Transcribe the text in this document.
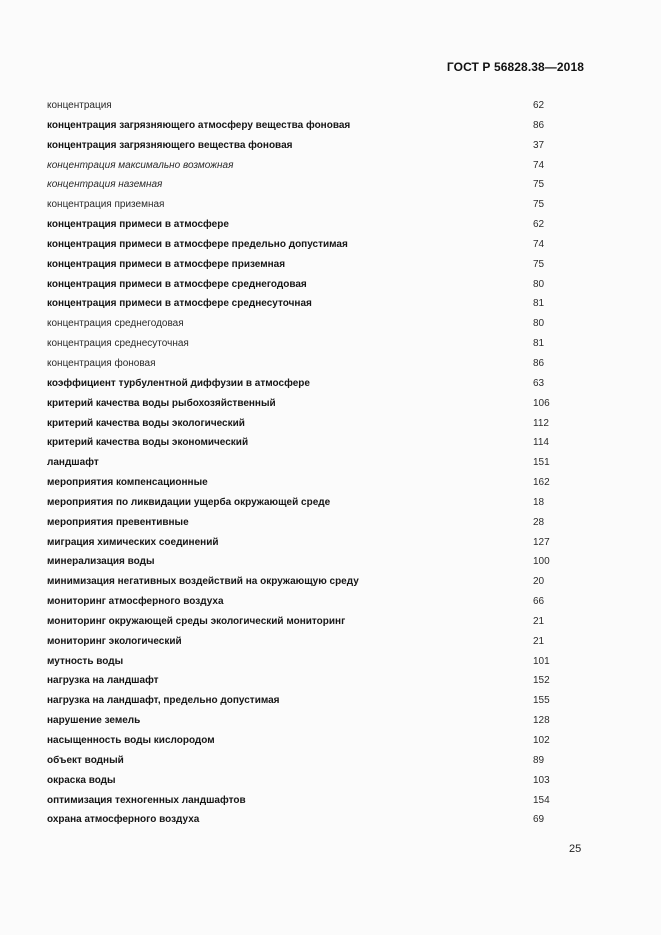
ГОСТ Р 56828.38—2018
концентрация	62
концентрация загрязняющего атмосферу вещества фоновая	86
концентрация загрязняющего вещества фоновая	37
концентрация максимально возможная	74
концентрация наземная	75
концентрация приземная	75
концентрация примеси в атмосфере	62
концентрация примеси в атмосфере предельно допустимая	74
концентрация примеси в атмосфере приземная	75
концентрация примеси в атмосфере среднегодовая	80
концентрация примеси в атмосфере среднесуточная	81
концентрация среднегодовая	80
концентрация среднесуточная	81
концентрация фоновая	86
коэффициент турбулентной диффузии в атмосфере	63
критерий качества воды рыбохозяйственный	106
критерий качества воды экологический	112
критерий качества воды экономический	114
ландшафт	151
мероприятия компенсационные	162
мероприятия по ликвидации ущерба окружающей среде	18
мероприятия превентивные	28
миграция химических соединений	127
минерализация воды	100
минимизация негативных воздействий на окружающую среду	20
мониторинг атмосферного воздуха	66
мониторинг окружающей среды экологический мониторинг	21
мониторинг экологический	21
мутность воды	101
нагрузка на ландшафт	152
нагрузка на ландшафт, предельно допустимая	155
нарушение земель	128
насыщенность воды кислородом	102
объект водный	89
окраска воды	103
оптимизация техногенных ландшафтов	154
охрана атмосферного воздуха	69
25
